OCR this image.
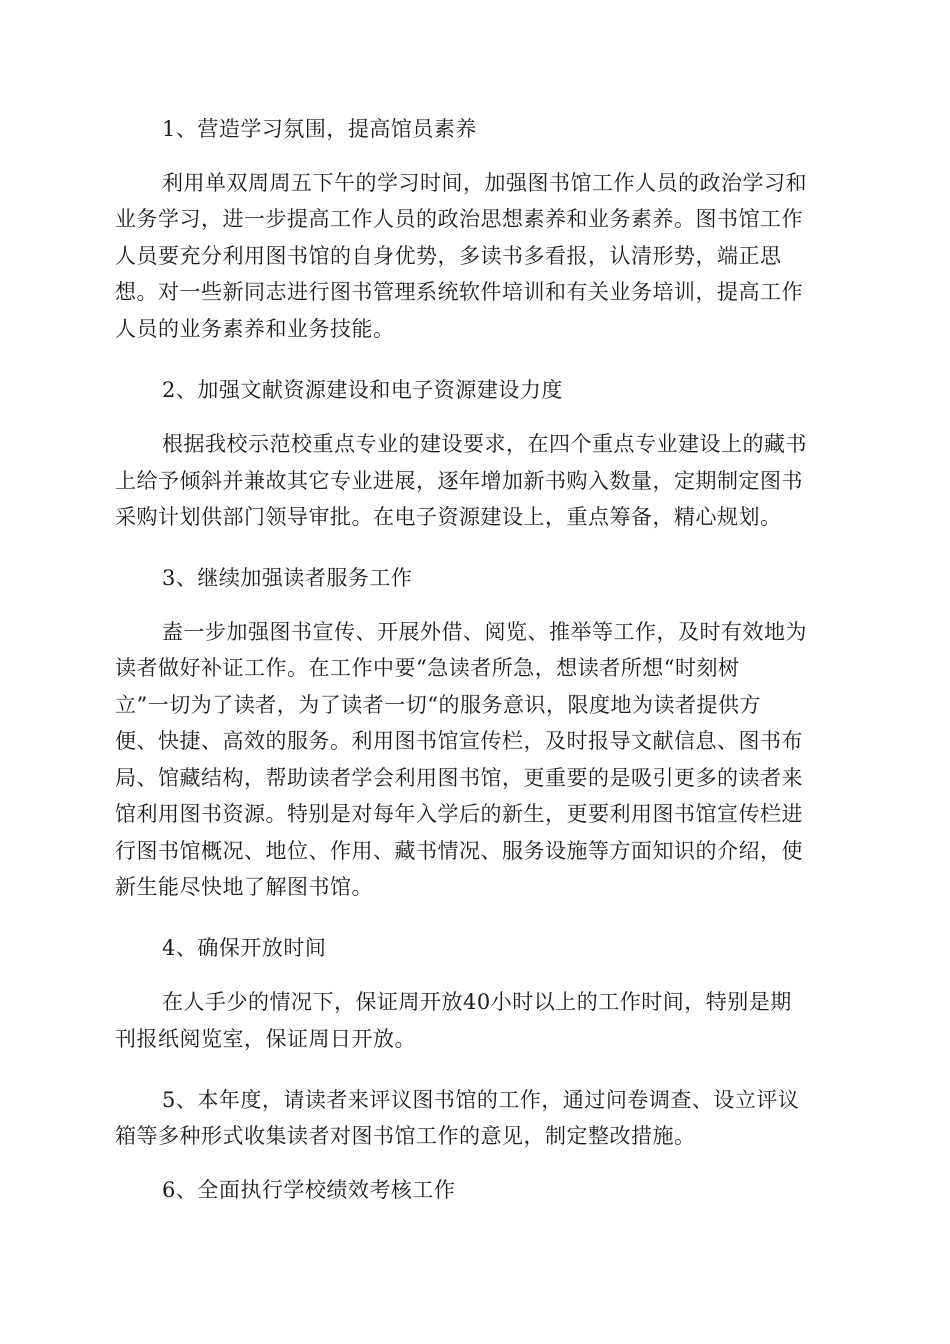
1、营造学习氛围，提高馆员素养
利用单双周周五下午的学习时间，加强图书馆工作人员的政治学习和
业务学习，进一步提高工作人员的政治思想素养和业务素养。图书馆工作
人员要充分利用图书馆的自身优势，多读书多看报，认清形势，端正思
想。对一些新同志进行图书管理系统软件培训和有关业务培训，提高工作
人员的业务素养和业务技能。
2、加强文献资源建设和电子资源建设力度
根据我校示范校重点专业的建设要求，在四个重点专业建设上的藏书
上给予倾斜并兼故其它专业进展，逐年增加新书购入数量，定期制定图书
采购计划供部门领导审批。在电子资源建设上，重点筹备，精心规划。
3、继续加强读者服务工作
盍一步加强图书宣传、开展外借、阅览、推举等工作，及时有效地为
读者做好补证工作。在工作中要“急读者所急，想读者所想“时刻树
立”一切为了读者，为了读者一切“的服务意识，限度地为读者提供方
便、快捷、高效的服务。利用图书馆宣传栏，及时报导文献信息、图书布
局、馆藏结构，帮助读者学会利用图书馆，更重要的是吸引更多的读者来
馆利用图书资源。特别是对每年入学后的新生，更要利用图书馆宣传栏进
行图书馆概况、地位、作用、藏书情况、服务设施等方面知识的介绍，使
新生能尽快地了解图书馆。
4、确保开放时间
在人手少的情况下，保证周开放40小时以上的工作时间，特别是期
刊报纸阅览室，保证周日开放。
5、本年度，请读者来评议图书馆的工作，通过问卷调查、设立评议
箱等多种形式收集读者对图书馆工作的意见，制定整改措施。
6、全面执行学校绩效考核工作
